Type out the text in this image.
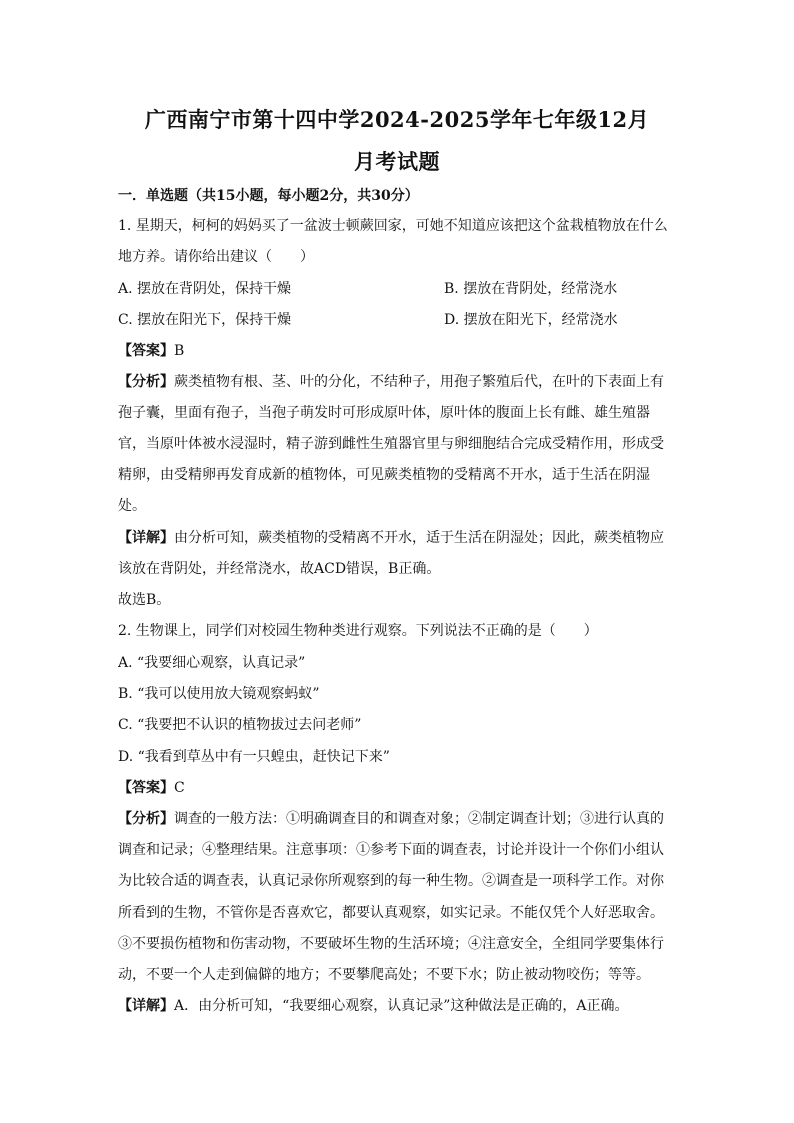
广西南宁市第十四中学2024-2025学年七年级12月
月考试题
一．单选题（共15小题，每小题2分，共30分）
1. 星期天，柯柯的妈妈买了一盆波士顿蕨回家，可她不知道应该把这个盆栽植物放在什么
地方养。请你给出建议（　　）
A. 摆放在背阴处，保持干燥	B. 摆放在背阴处，经常浇水
C. 摆放在阳光下，保持干燥	D. 摆放在阳光下，经常浇水
【答案】B
【分析】蕨类植物有根、茎、叶的分化，不结种子，用孢子繁殖后代，在叶的下表面上有
孢子囊，里面有孢子，当孢子萌发时可形成原叶体，原叶体的腹面上长有雌、雄生殖器
官，当原叶体被水浸湿时，精子游到雌性生殖器官里与卵细胞结合完成受精作用，形成受
精卵，由受精卵再发育成新的植物体，可见蕨类植物的受精离不开水，适于生活在阴湿
处。
【详解】由分析可知，蕨类植物的受精离不开水，适于生活在阴湿处；因此，蕨类植物应
该放在背阴处，并经常浇水，故ACD错误，B正确。
故选B。
2. 生物课上，同学们对校园生物种类进行观察。下列说法不正确的是（　　）
A. “我要细心观察，认真记录”
B. “我可以使用放大镜观察蚂蚁”
C. “我要把不认识的植物拔过去问老师”
D. “我看到草丛中有一只蝗虫，赶快记下来”
【答案】C
【分析】调查的一般方法：①明确调查目的和调查对象；②制定调查计划；③进行认真的
调查和记录；④整理结果。注意事项：①参考下面的调查表，讨论并设计一个你们小组认
为比较合适的调查表，认真记录你所观察到的每一种生物。②调查是一项科学工作。对你
所看到的生物，不管你是否喜欢它，都要认真观察，如实记录。不能仅凭个人好恶取舍。
③不要损伤植物和伤害动物，不要破坏生物的生活环境；④注意安全，全组同学要集体行
动，不要一个人走到偏僻的地方；不要攀爬高处；不要下水；防止被动物咬伤；等等。
【详解】A．由分析可知，“我要细心观察，认真记录”这种做法是正确的，A正确。
